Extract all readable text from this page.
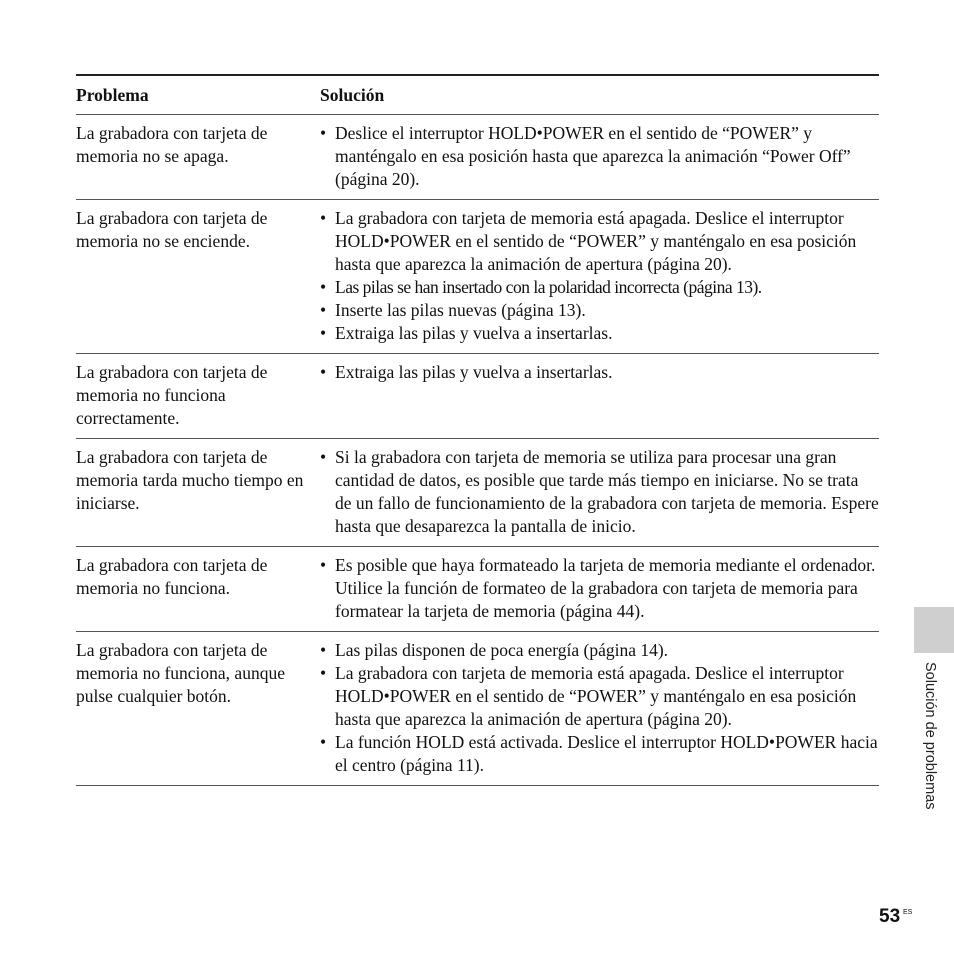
Problema	Solución
La grabadora con tarjeta de memoria no se apaga.
• Deslice el interruptor HOLD•POWER en el sentido de “POWER” y manténgalo en esa posición hasta que aparezca la animación “Power Off” (página 20).
La grabadora con tarjeta de memoria no se enciende.
• La grabadora con tarjeta de memoria está apagada. Deslice el interruptor HOLD•POWER en el sentido de “POWER” y manténgalo en esa posición hasta que aparezca la animación de apertura (página 20).
• Las pilas se han insertado con la polaridad incorrecta (página 13).
• Inserte las pilas nuevas (página 13).
• Extraiga las pilas y vuelva a insertarlas.
La grabadora con tarjeta de memoria no funciona correctamente.
• Extraiga las pilas y vuelva a insertarlas.
La grabadora con tarjeta de memoria tarda mucho tiempo en iniciarse.
• Si la grabadora con tarjeta de memoria se utiliza para procesar una gran cantidad de datos, es posible que tarde más tiempo en iniciarse. No se trata de un fallo de funcionamiento de la grabadora con tarjeta de memoria. Espere hasta que desaparezca la pantalla de inicio.
La grabadora con tarjeta de memoria no funciona.
• Es posible que haya formateado la tarjeta de memoria mediante el ordenador. Utilice la función de formateo de la grabadora con tarjeta de memoria para formatear la tarjeta de memoria (página 44).
La grabadora con tarjeta de memoria no funciona, aunque pulse cualquier botón.
• Las pilas disponen de poca energía (página 14).
• La grabadora con tarjeta de memoria está apagada. Deslice el interruptor HOLD•POWER en el sentido de “POWER” y manténgalo en esa posición hasta que aparezca la animación de apertura (página 20).
• La función HOLD está activada. Deslice el interruptor HOLD•POWER hacia el centro (página 11).	Solución de problemas
53 ES
